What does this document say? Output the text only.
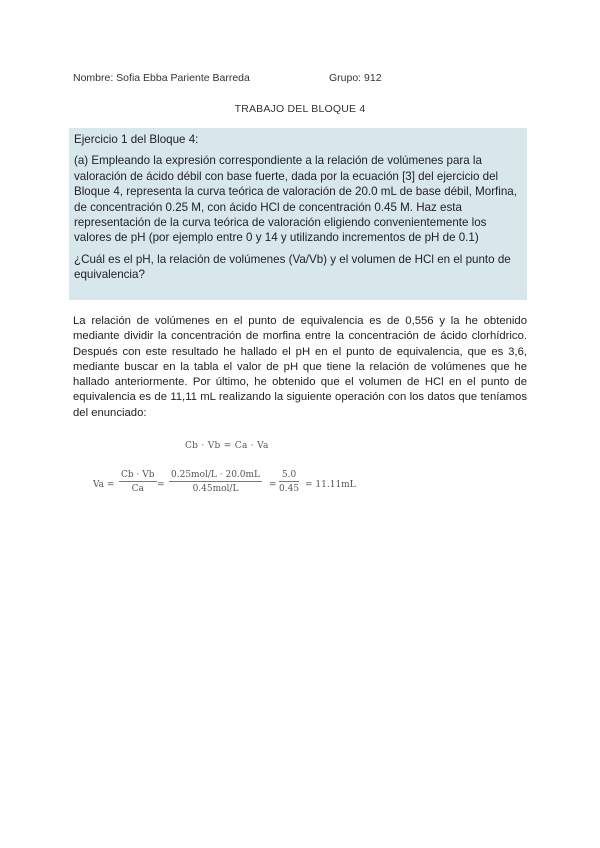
Nombre: Sofia Ebba Pariente Barreda	Grupo: 912
TRABAJO DEL BLOQUE 4

Ejercicio 1 del Bloque 4:

(a) Empleando la expresión correspondiente a la relación de volúmenes para la valoración de ácido débil con base fuerte, dada por la ecuación [3] del ejercicio del Bloque 4, representa la curva teórica de valoración de 20.0 mL de base débil, Morfina, de concentración 0.25 M, con ácido HCl de concentración 0.45 M. Haz esta representación de la curva teórica de valoración eligiendo convenientemente los valores de pH (por ejemplo entre 0 y 14 y utilizando incrementos de pH de 0.1)

¿Cuál es el pH, la relación de volúmenes (Va/Vb) y el volumen de HCl en el punto de equivalencia?

La relación de volúmenes en el punto de equivalencia es de 0,556 y la he obtenido mediante dividir la concentración de morfina entre la concentración de ácido clorhídrico. Después con este resultado he hallado el pH en el punto de equivalencia, que es 3,6, mediante buscar en la tabla el valor de pH que tiene la relación de volúmenes que he hallado anteriormente. Por último, he obtenido que el volumen de HCl en el punto de equivalencia es de 11,11 mL realizando la siguiente operación con los datos que teníamos del enunciado:
Cb · Vb = Ca · Va
Va =
Cb · Vb
Ca	=
0.25mol/L · 20.0mL
0.45mol/L	=
5.0
0.45 = 11.11mL
